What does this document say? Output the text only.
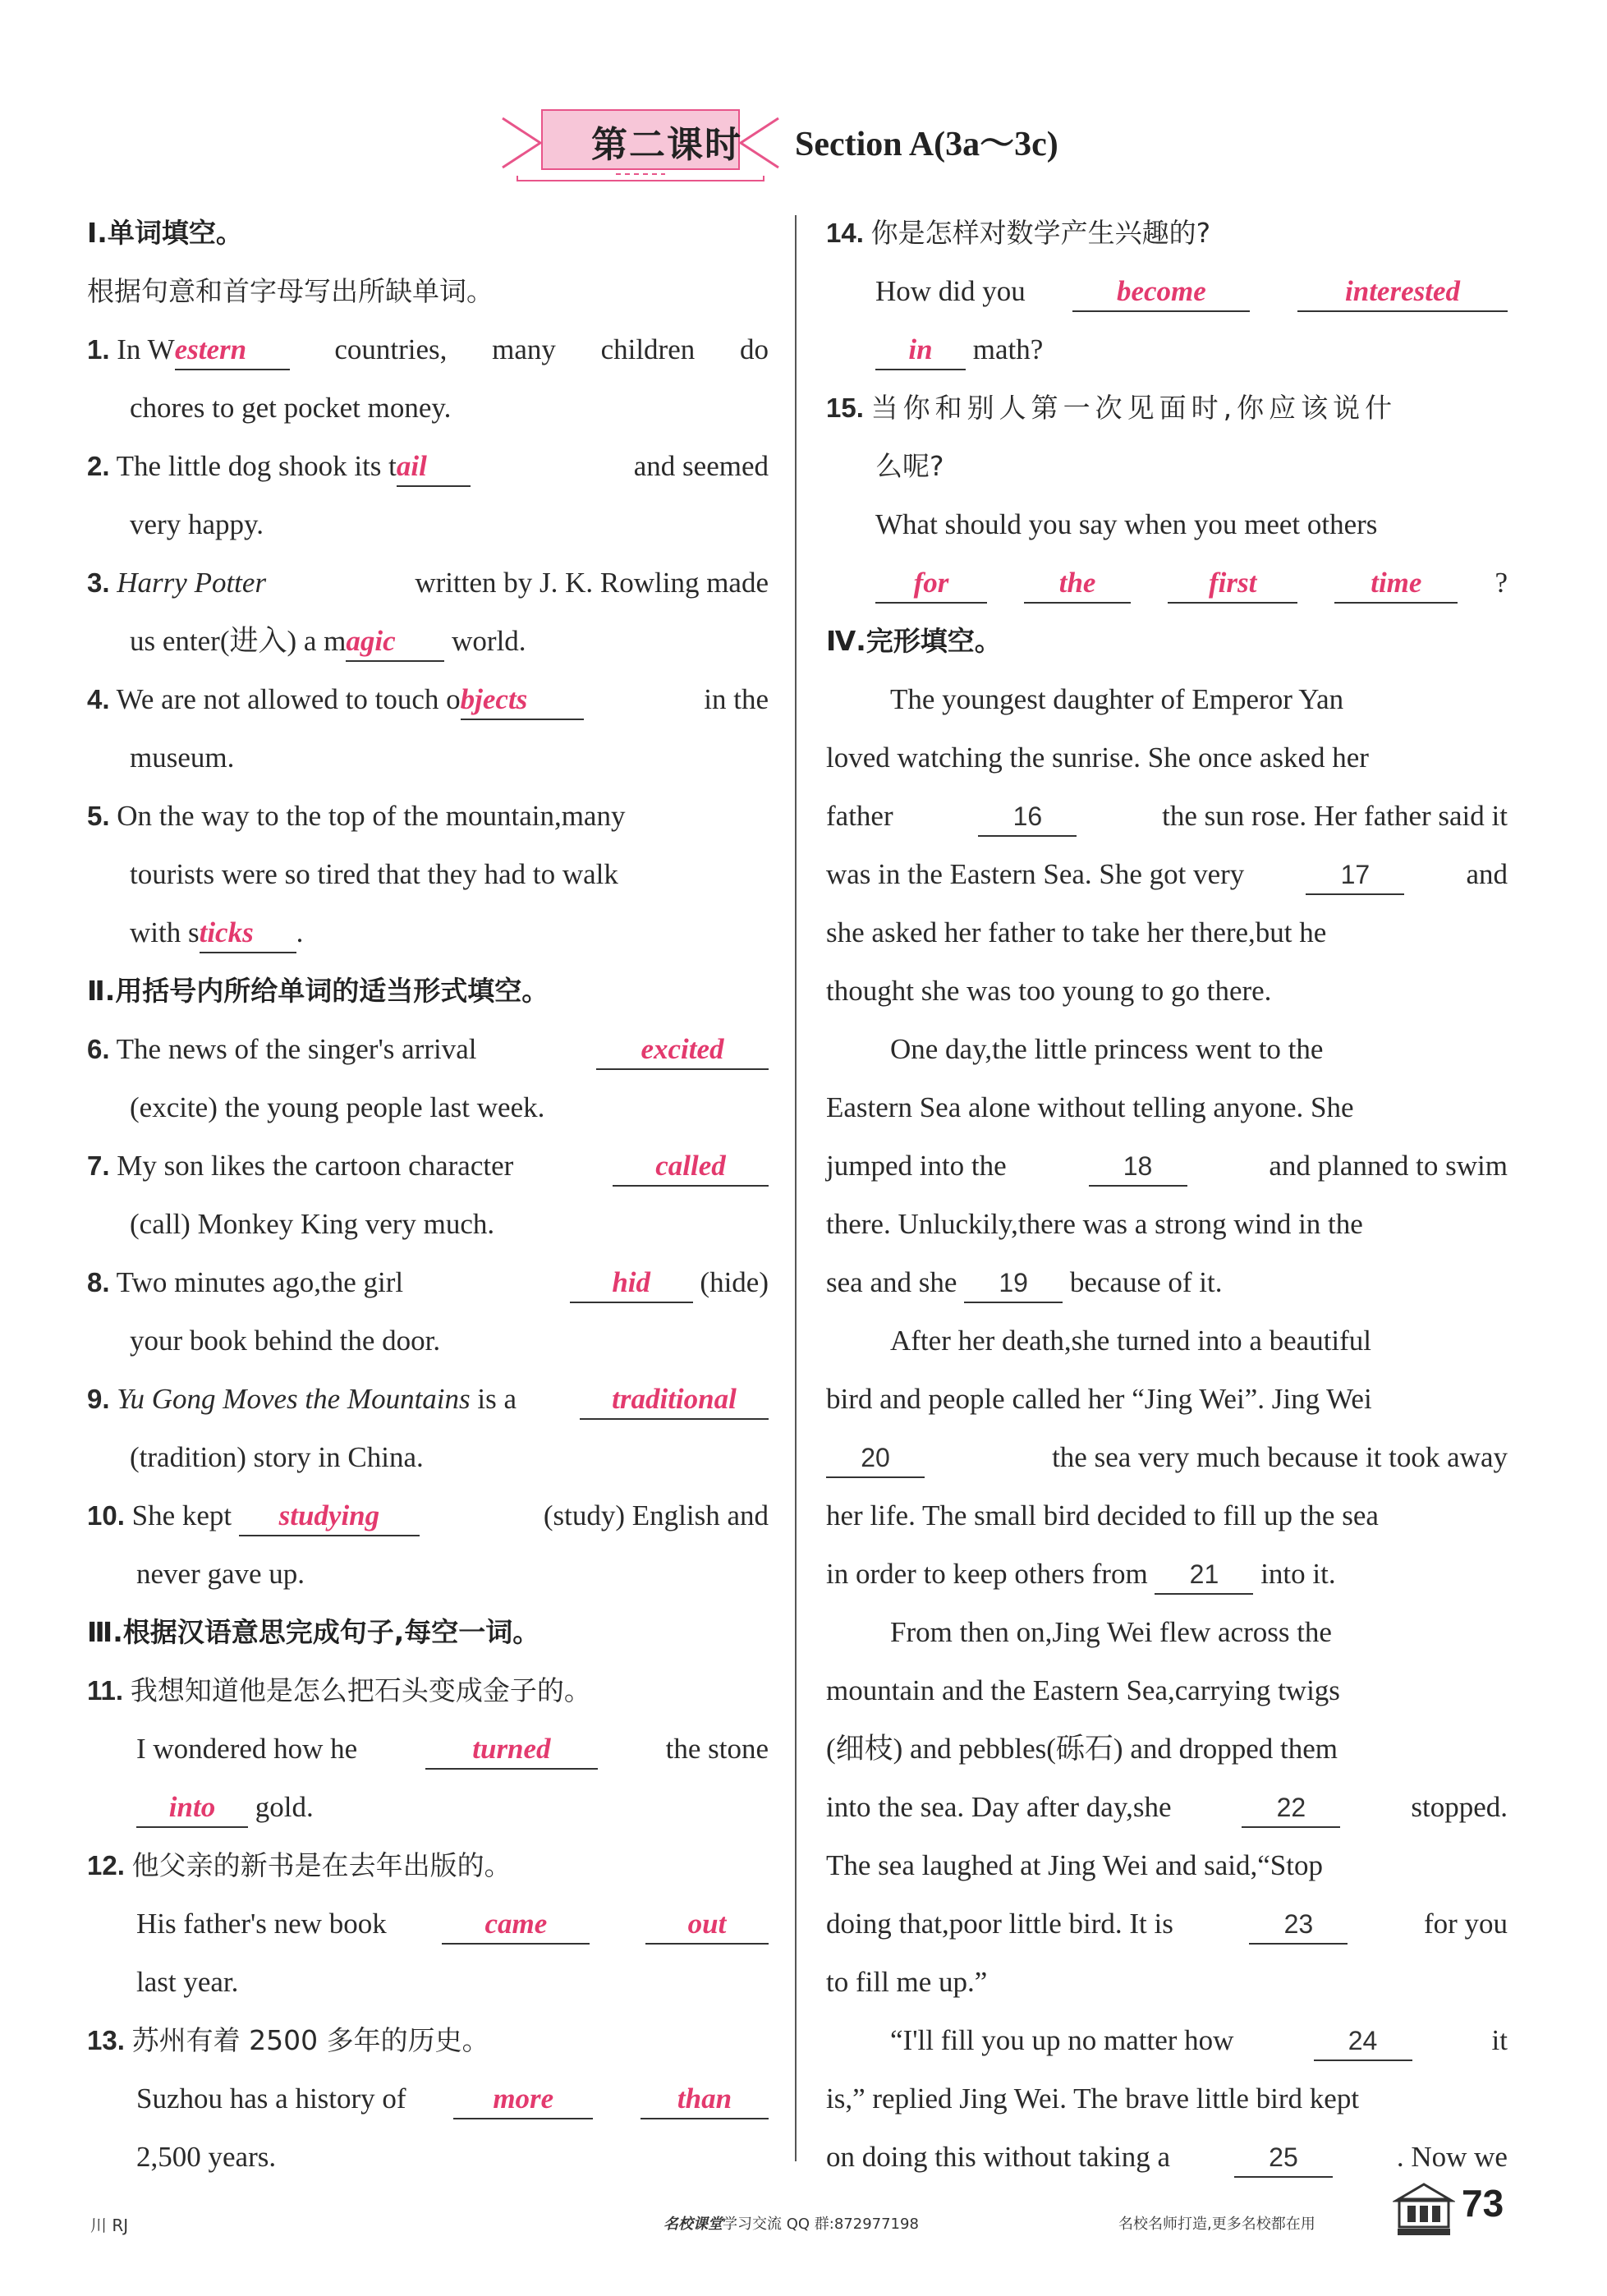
第二课时	Section A(3a～3c)
Ⅰ.单词填空。
根据句意和首字母写出所缺单词。
1. In Western	countries, many children do
chores to get pocket money.
2. The little dog shook its tail	and seemed
very happy.
3. Harry Potter	written by J. K. Rowling made
us enter(进入) a magic world.
4. We are not allowed to touch objects	in the
museum.
5. On the way to the top of the mountain,many
tourists were so tired that they had to walk
with sticks .
Ⅱ.用括号内所给单词的适当形式填空。
6. The news of the singer's arrival	excited
(excite) the young people last week.
7. My son likes the cartoon character	called
(call) Monkey King very much.
8. Two minutes ago,the girl	hid (hide)
your book behind the door.
9. Yu Gong Moves the Mountains is a	traditional
(tradition) story in China.
10. She kept studying	(study) English and
never gave up.
Ⅲ.根据汉语意思完成句子,每空一词。
11. 我想知道他是怎么把石头变成金子的。
I wondered how he	turned	the stone
into gold.
12. 他父亲的新书是在去年出版的。
His father's new book	came	out
last year.
13. 苏州有着 2500 多年的历史。
Suzhou has a history of	more	than
2,500 years.
14. 你是怎样对数学产生兴趣的?
How did you	become	interested
in math?
15. 当你和别人第一次见面时,你应该说什
么呢?
What should you say when you meet others
for	the	first	time	?
Ⅳ.完形填空。
The youngest daughter of Emperor Yan
loved watching the sunrise. She once asked her
father	16	the sun rose. Her father said it
was in the Eastern Sea. She got very	17	and
she asked her father to take her there,but he
thought she was too young to go there.
One day,the little princess went to the
Eastern Sea alone without telling anyone. She
jumped into the	18	and planned to swim
there. Unluckily,there was a strong wind in the
sea and she 19 because of it.
After her death,she turned into a beautiful
bird and people called her “Jing Wei”. Jing Wei
20	the sea very much because it took away
her life. The small bird decided to fill up the sea
in order to keep others from 21 into it.
From then on,Jing Wei flew across the
mountain and the Eastern Sea,carrying twigs
(细枝) and pebbles(砾石) and dropped them
into the sea. Day after day,she	22	stopped.
The sea laughed at Jing Wei and said,“Stop
doing that,poor little bird. It is	23	for you
to fill me up.”
“I'll fill you up no matter how	24	it
is,” replied Jing Wei. The brave little bird kept
on doing this without taking a	25	. Now we
川 RJ	名校课堂学习交流 QQ 群:872977198	名校名师打造,更多名校都在用	73
